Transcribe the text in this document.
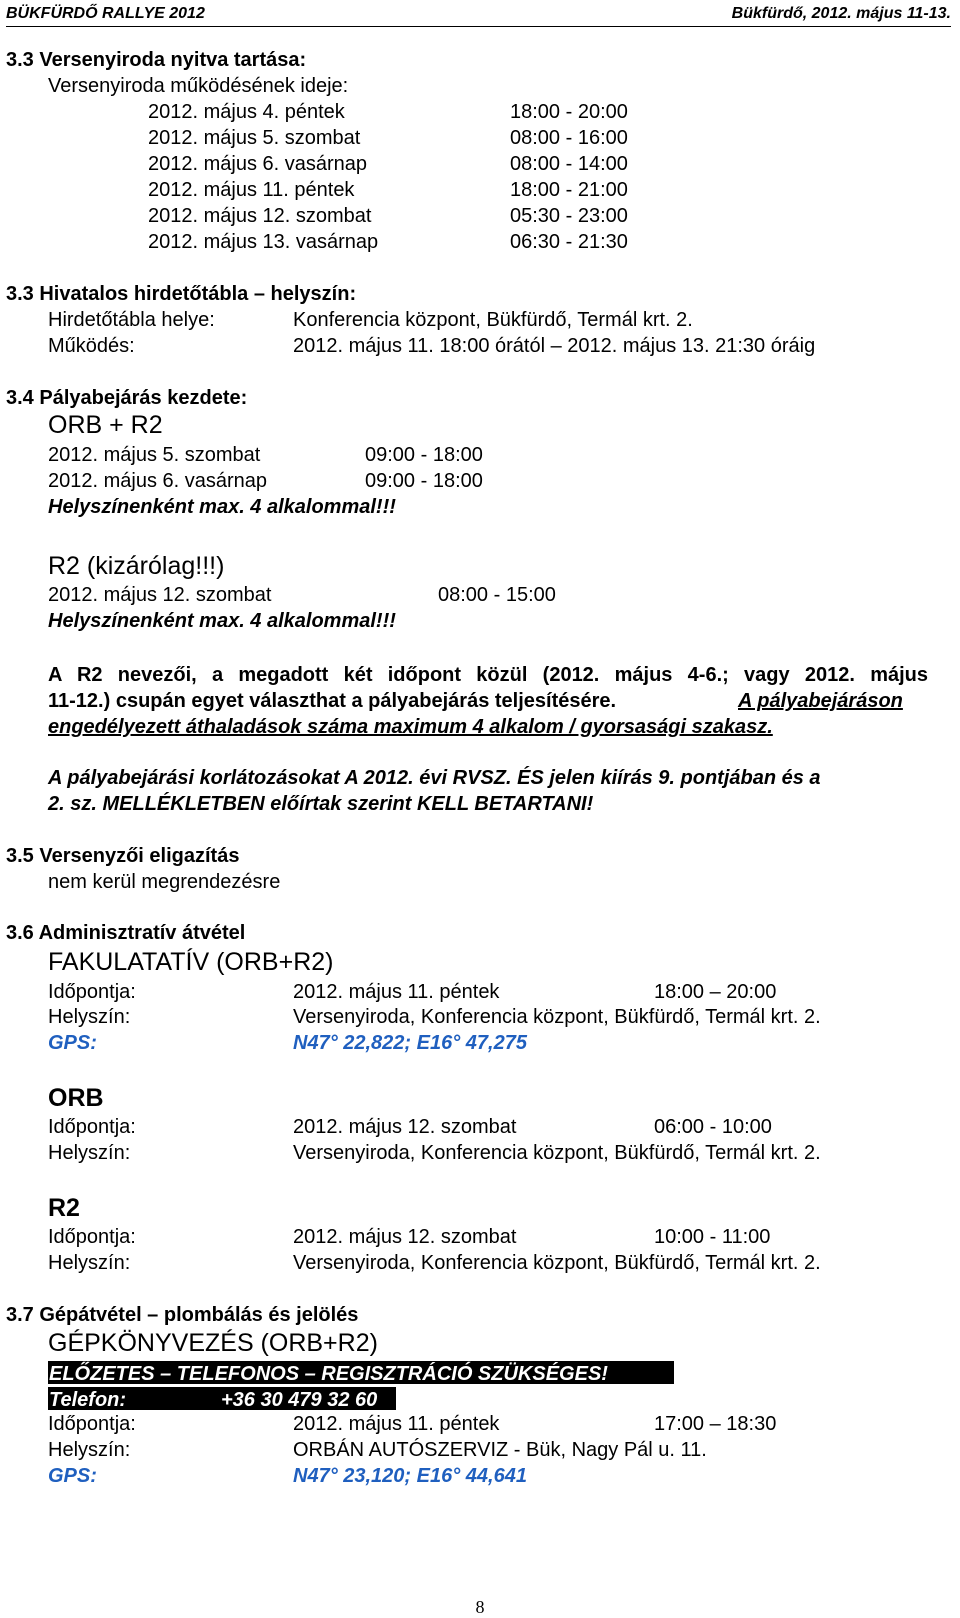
BÜKFÜRDŐ RALLYE 2012	Bükfürdő, 2012. május 11-13.
3.3 Versenyiroda nyitva tartása:
Versenyiroda működésének ideje:
2012. május 4. péntek	18:00 - 20:00
2012. május 5. szombat	08:00 - 16:00
2012. május 6. vasárnap	08:00 - 14:00
2012. május 11. péntek	18:00 - 21:00
2012. május 12. szombat	05:30 - 23:00
2012. május 13. vasárnap	06:30 - 21:30
3.3 Hivatalos hirdetőtábla – helyszín:
Hirdetőtábla helye:	Konferencia központ, Bükfürdő, Termál krt. 2.
Működés:	2012. május 11. 18:00 órától – 2012. május 13. 21:30 óráig
3.4 Pályabejárás kezdete:
ORB + R2
2012. május 5. szombat	09:00 - 18:00
2012. május 6. vasárnap	09:00 - 18:00
Helyszínenként max. 4 alkalommal!!!
R2 (kizárólag!!!)
2012. május 12. szombat	08:00 - 15:00
Helyszínenként max. 4 alkalommal!!!
A R2 nevezői, a megadott két időpont közül (2012. május 4-6.; vagy 2012. május
11-12.) csupán egyet választhat a pályabejárás teljesítésére.	A pályabejáráson
engedélyezett áthaladások száma maximum 4 alkalom / gyorsasági szakasz.
A pályabejárási korlátozásokat A 2012. évi RVSZ. ÉS jelen kiírás 9. pontjában és a
2. sz. MELLÉKLETBEN előírtak szerint KELL BETARTANI!
3.5 Versenyzői eligazítás
nem kerül megrendezésre
3.6 Adminisztratív átvétel
FAKULATATÍV (ORB+R2)
Időpontja:	2012. május 11. péntek	18:00 – 20:00
Helyszín:	Versenyiroda, Konferencia központ, Bükfürdő, Termál krt. 2.
GPS:	N47° 22,822; E16° 47,275
ORB
Időpontja:	2012. május 12. szombat	06:00 - 10:00
Helyszín:	Versenyiroda, Konferencia központ, Bükfürdő, Termál krt. 2.
R2
Időpontja:	2012. május 12. szombat	10:00 - 11:00
Helyszín:	Versenyiroda, Konferencia központ, Bükfürdő, Termál krt. 2.
3.7 Gépátvétel – plombálás és jelölés
GÉPKÖNYVEZÉS (ORB+R2)
ELŐZETES – TELEFONOS – REGISZTRÁCIÓ SZÜKSÉGES!
Telefon:	+36 30 479 32 60
Időpontja:	2012. május 11. péntek	17:00 – 18:30
Helyszín:	ORBÁN AUTÓSZERVIZ - Bük, Nagy Pál u. 11.
GPS:	N47° 23,120; E16° 44,641
8
